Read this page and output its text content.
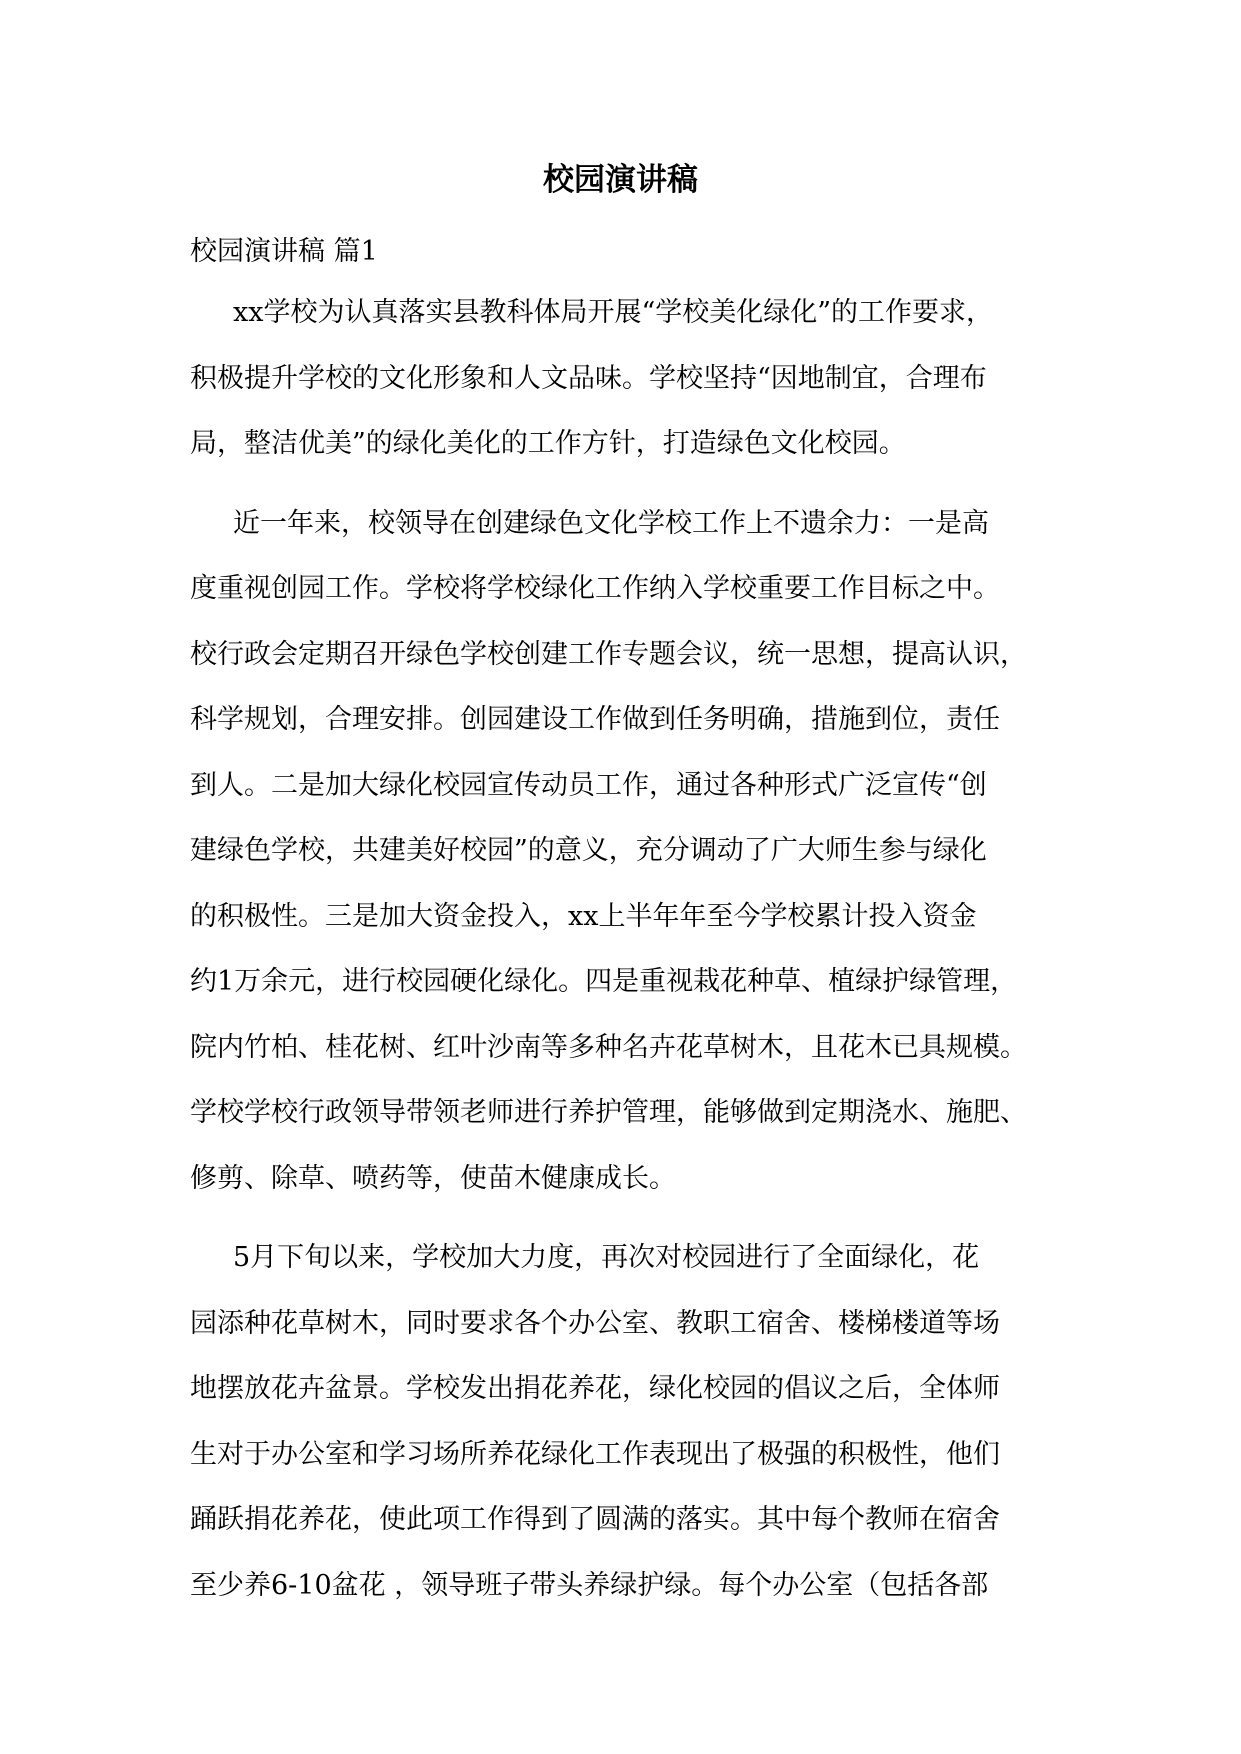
校园演讲稿
校园演讲稿 篇1
xx学校为认真落实县教科体局开展“学校美化绿化”的工作要求，
积极提升学校的文化形象和人文品味。学校坚持“因地制宜，合理布
局，整洁优美”的绿化美化的工作方针，打造绿色文化校园。
近一年来，校领导在创建绿色文化学校工作上不遗余力：一是高
度重视创园工作。学校将学校绿化工作纳入学校重要工作目标之中。
校行政会定期召开绿色学校创建工作专题会议，统一思想，提高认识，
科学规划，合理安排。创园建设工作做到任务明确，措施到位，责任
到人。二是加大绿化校园宣传动员工作，通过各种形式广泛宣传“创
建绿色学校，共建美好校园”的意义，充分调动了广大师生参与绿化
的积极性。三是加大资金投入，xx上半年年至今学校累计投入资金
约1万余元，进行校园硬化绿化。四是重视栽花种草、植绿护绿管理，
院内竹柏、桂花树、红叶沙南等多种名卉花草树木，且花木已具规模。
学校学校行政领导带领老师进行养护管理，能够做到定期浇水、施肥、
修剪、除草、喷药等，使苗木健康成长。
5月下旬以来，学校加大力度，再次对校园进行了全面绿化，花
园添种花草树木，同时要求各个办公室、教职工宿舍、楼梯楼道等场
地摆放花卉盆景。学校发出捐花养花，绿化校园的倡议之后，全体师
生对于办公室和学习场所养花绿化工作表现出了极强的积极性，他们
踊跃捐花养花，使此项工作得到了圆满的落实。其中每个教师在宿舍
至少养6-10盆花 ，领导班子带头养绿护绿。每个办公室（包括各部
